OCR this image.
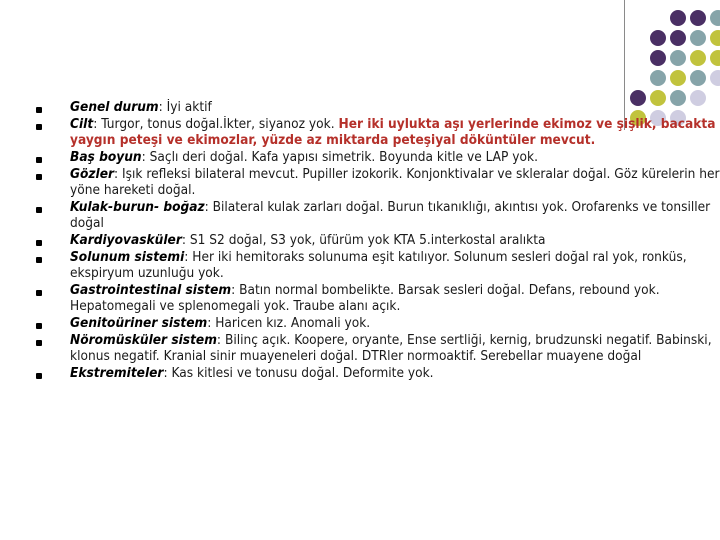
Genel durum: İyi aktif
Cilt: Turgor, tonus doğal.İkter, siyanoz yok. Her iki uylukta aşı yerlerinde ekimoz ve şişlik, bacakta yaygın peteşi ve ekimozlar, yüzde az miktarda peteşiyal döküntüler mevcut.
Baş boyun: Saçlı deri doğal. Kafa yapısı simetrik. Boyunda kitle ve LAP yok.
Gözler: Işık refleksi bilateral mevcut. Pupiller izokorik. Konjonktivalar ve skleralar doğal. Göz kürelerin her yöne hareketi doğal.
Kulak-burun- boğaz: Bilateral kulak zarları doğal. Burun tıkanıklığı, akıntısı yok. Orofarenks ve tonsiller doğal
Kardiyovasküler: S1 S2 doğal, S3 yok, üfürüm yok KTA 5.interkostal aralıkta
Solunum sistemi: Her iki hemitoraks solunuma eşit katılıyor. Solunum sesleri doğal ral yok, ronküs, ekspiryum uzunluğu yok.
Gastrointestinal sistem: Batın normal bombelikte. Barsak sesleri doğal. Defans, rebound yok. Hepatomegali ve splenomegali yok. Traube alanı açık.
Genitoüriner sistem: Haricen kız. Anomali yok.
Nöromüsküler sistem: Bilinç açık. Koopere, oryante, Ense sertliği, kernig, brudzunski negatif. Babinski, klonus negatif. Kranial sinir muayeneleri doğal. DTRler normoaktif. Serebellar muayene doğal
Ekstremiteler: Kas kitlesi ve tonusu doğal. Deformite yok.
